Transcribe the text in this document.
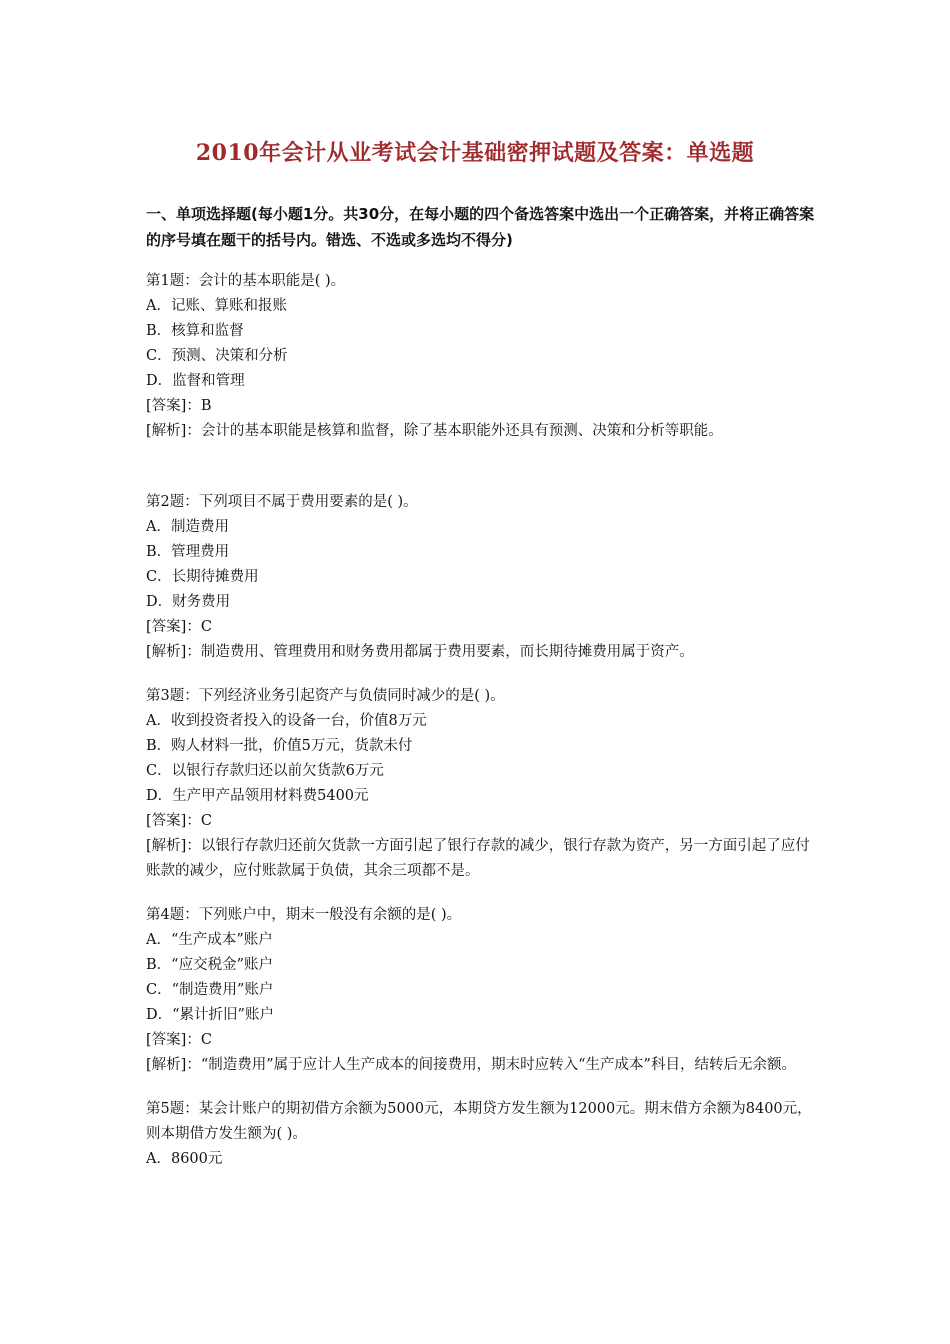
2010年会计从业考试会计基础密押试题及答案：单选题
一、单项选择题(每小题1分。共30分，在每小题的四个备选答案中选出一个正确答案，并将正确答案的序号填在题干的括号内。错选、不选或多选均不得分)
第1题：会计的基本职能是( )。
A．记账、算账和报账
B．核算和监督
C．预测、决策和分析
D．监督和管理
[答案]：B
[解析]：会计的基本职能是核算和监督，除了基本职能外还具有预测、决策和分析等职能。
第2题：下列项目不属于费用要素的是( )。
A．制造费用
B．管理费用
C．长期待摊费用
D．财务费用
[答案]：C
[解析]：制造费用、管理费用和财务费用都属于费用要素，而长期待摊费用属于资产。
第3题：下列经济业务引起资产与负债同时减少的是( )。
A．收到投资者投入的设备一台，价值8万元
B．购人材料一批，价值5万元，货款未付
C．以银行存款归还以前欠货款6万元
D．生产甲产品领用材料费5400元
[答案]：C
[解析]：以银行存款归还前欠货款一方面引起了银行存款的减少，银行存款为资产，另一方面引起了应付账款的减少，应付账款属于负债，其余三项都不是。
第4题：下列账户中，期末一般没有余额的是( )。
A．“生产成本”账户
B．“应交税金”账户
C．“制造费用”账户
D．“累计折旧”账户
[答案]：C
[解析]：“制造费用”属于应计人生产成本的间接费用，期末时应转入“生产成本”科目，结转后无余额。
第5题：某会计账户的期初借方余额为5000元，本期贷方发生额为12000元。期末借方余额为8400元，则本期借方发生额为( )。
A．8600元
